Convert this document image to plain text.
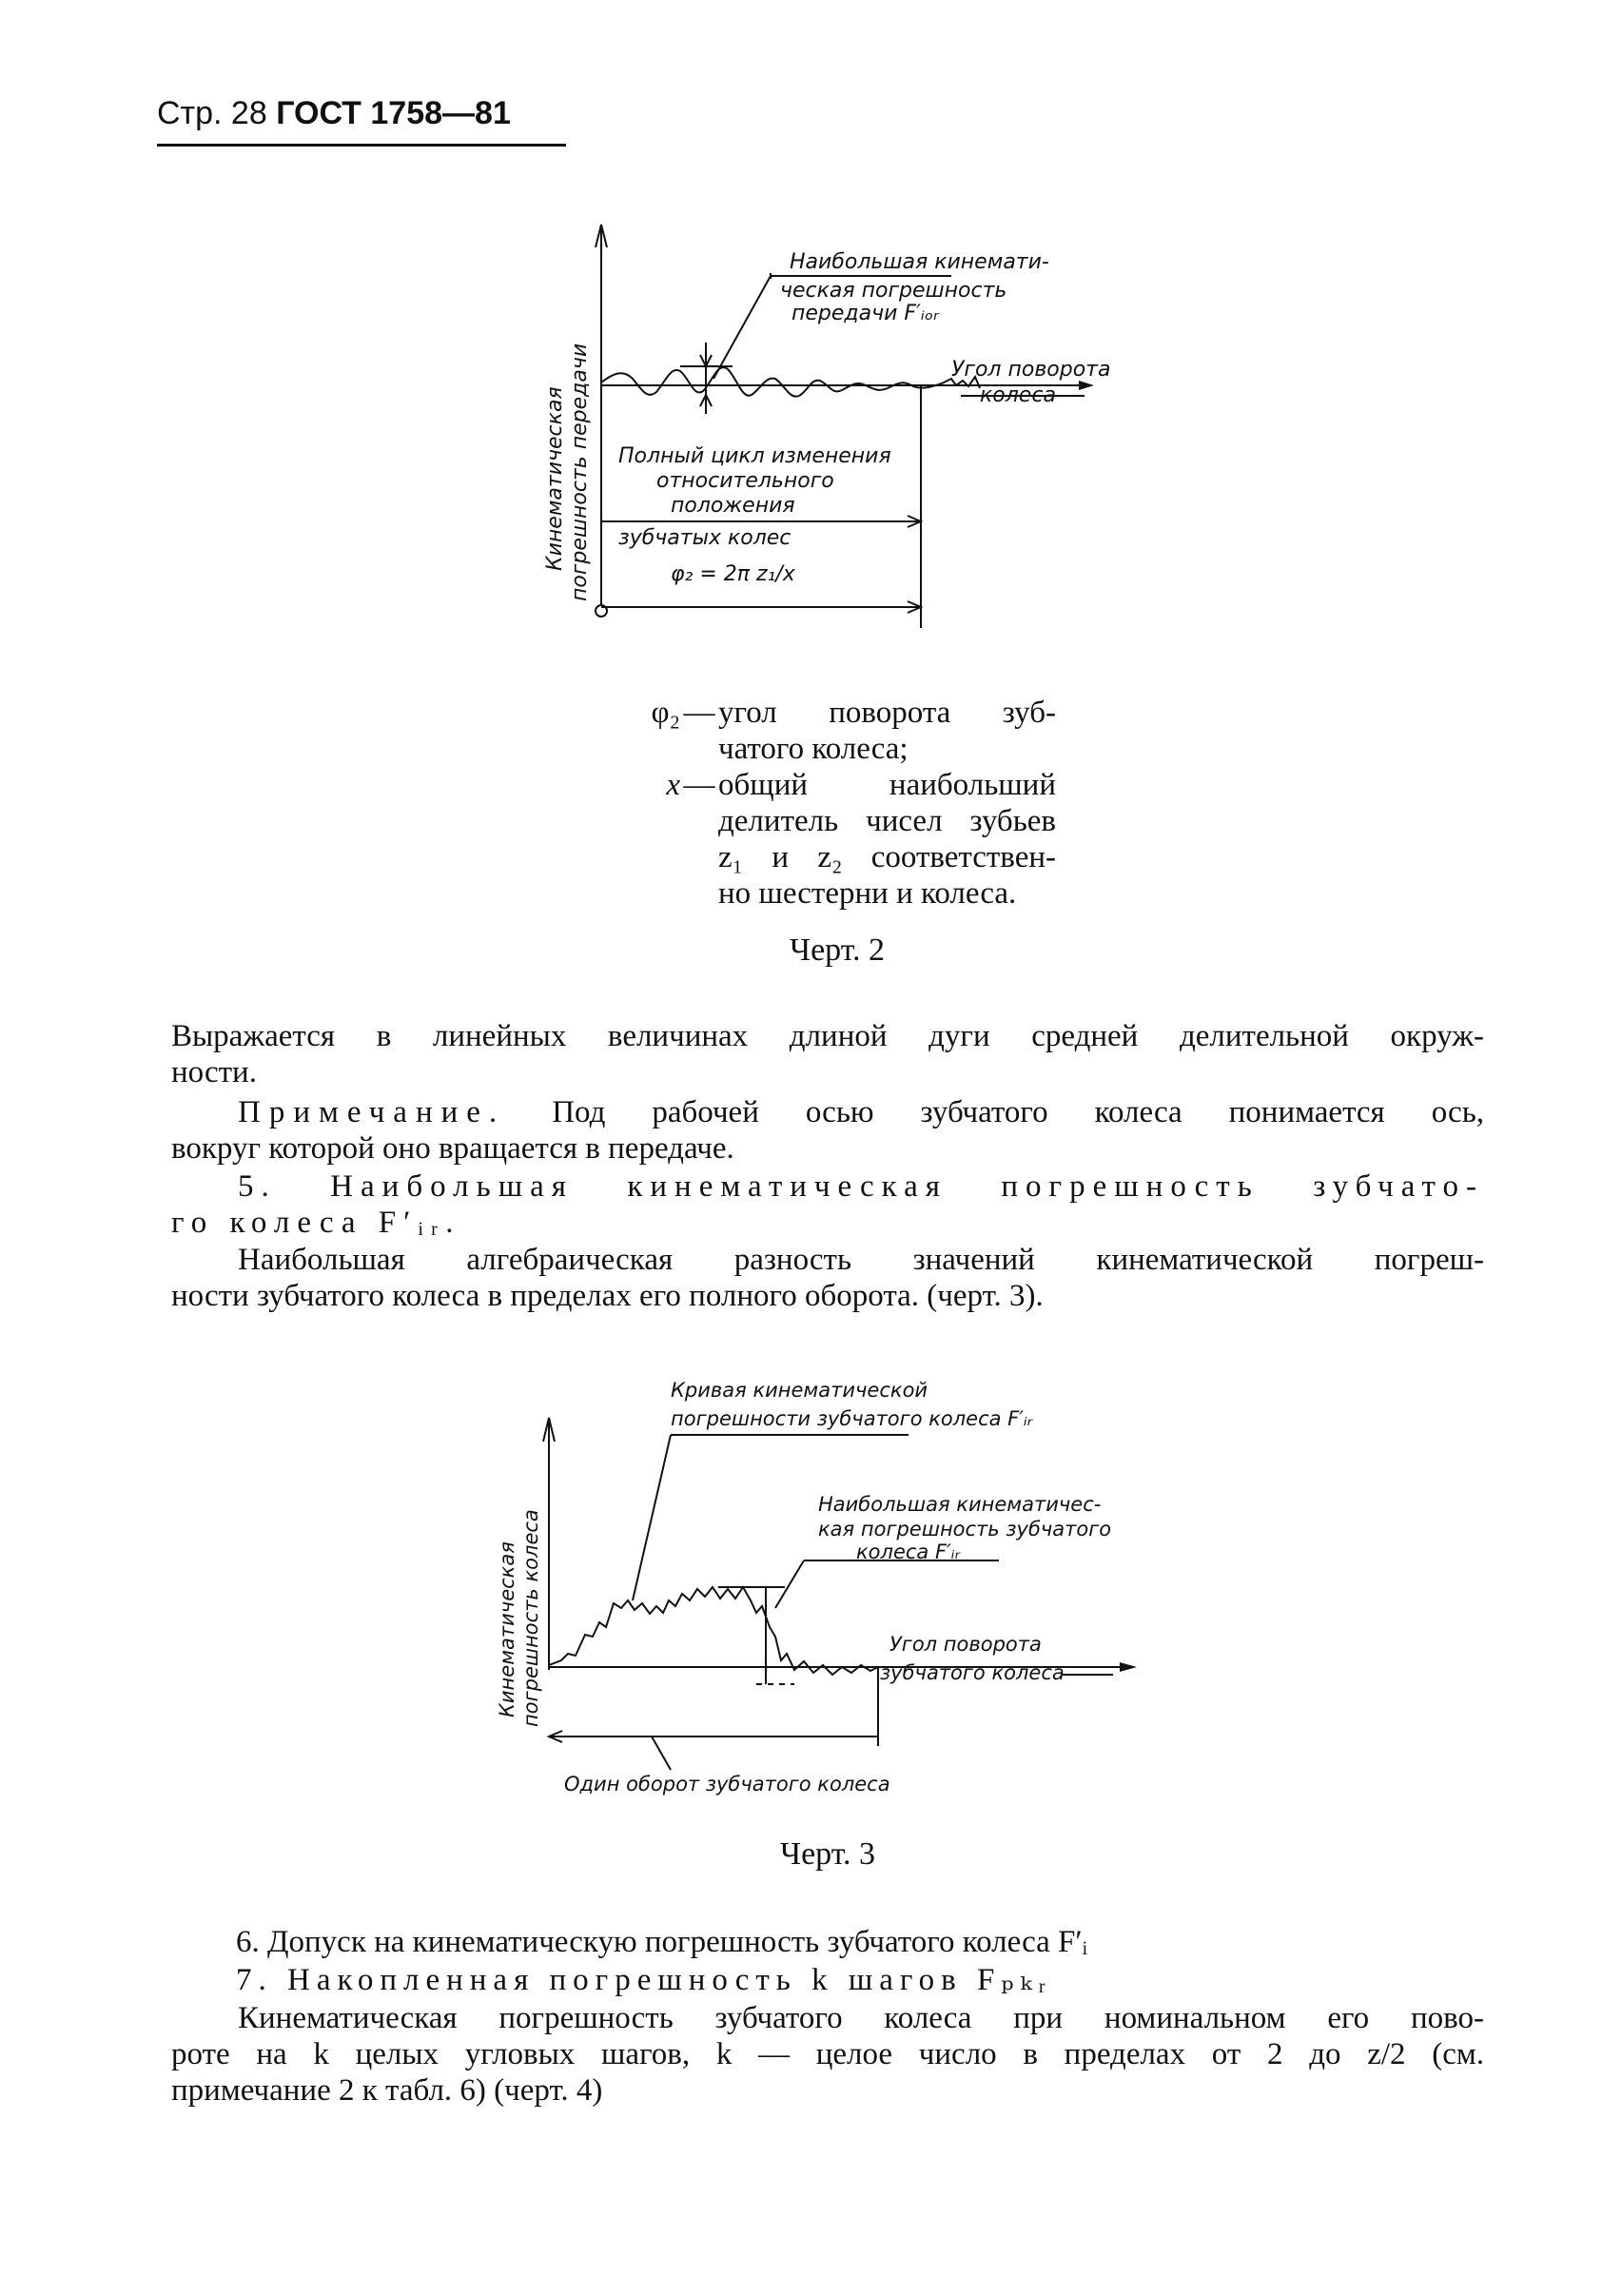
Стр. 28 ГОСТ 1758—81
Наибольшая кинемати-
ческая погрешность
передачи F′ᵢₒᵣ
Угол поворота
колеса
Полный цикл изменения
относительного
положения
зубчатых колес
φ₂ = 2π z₁/x
Кинематическая погрешность передачи
φ₂ — угол поворота зуб-
чатого колеса;
x — общий наибольший
делитель чисел зубьев
z₁ и z₂ соответствен-
но шестерни и колеса.
Черт. 2
Выражается в линейных величинах длиной дуги средней делительной окруж-
ности.
Примечание. Под рабочей осью зубчатого колеса понимается ось,
вокруг которой оно вращается в передаче.
5. Наибольшая кинематическая погрешность зубчато-
го колеса F′ᵢᵣ.
Наибольшая алгебраическая разность значений кинематической погреш-
ности зубчатого колеса в пределах его полного оборота. (черт. 3).
Кривая кинематической
погрешности зубчатого колеса F′ᵢᵣ
Наибольшая кинематичес-
кая погрешность зубчатого
колеса F′ᵢᵣ
Угол поворота
зубчатого колеса
Один оборот зубчатого колеса
Кинематическая погрешность колеса
Черт. 3
6. Допуск на кинематическую погрешность зубчатого колеса F′ᵢ
7. Накопленная погрешность k шагов Fₚₖᵣ
Кинематическая погрешность зубчатого колеса при номинальном его пово-
роте на k целых угловых шагов, k — целое число в пределах от 2 до z/2 (см.
примечание 2 к табл. 6) (черт. 4)
